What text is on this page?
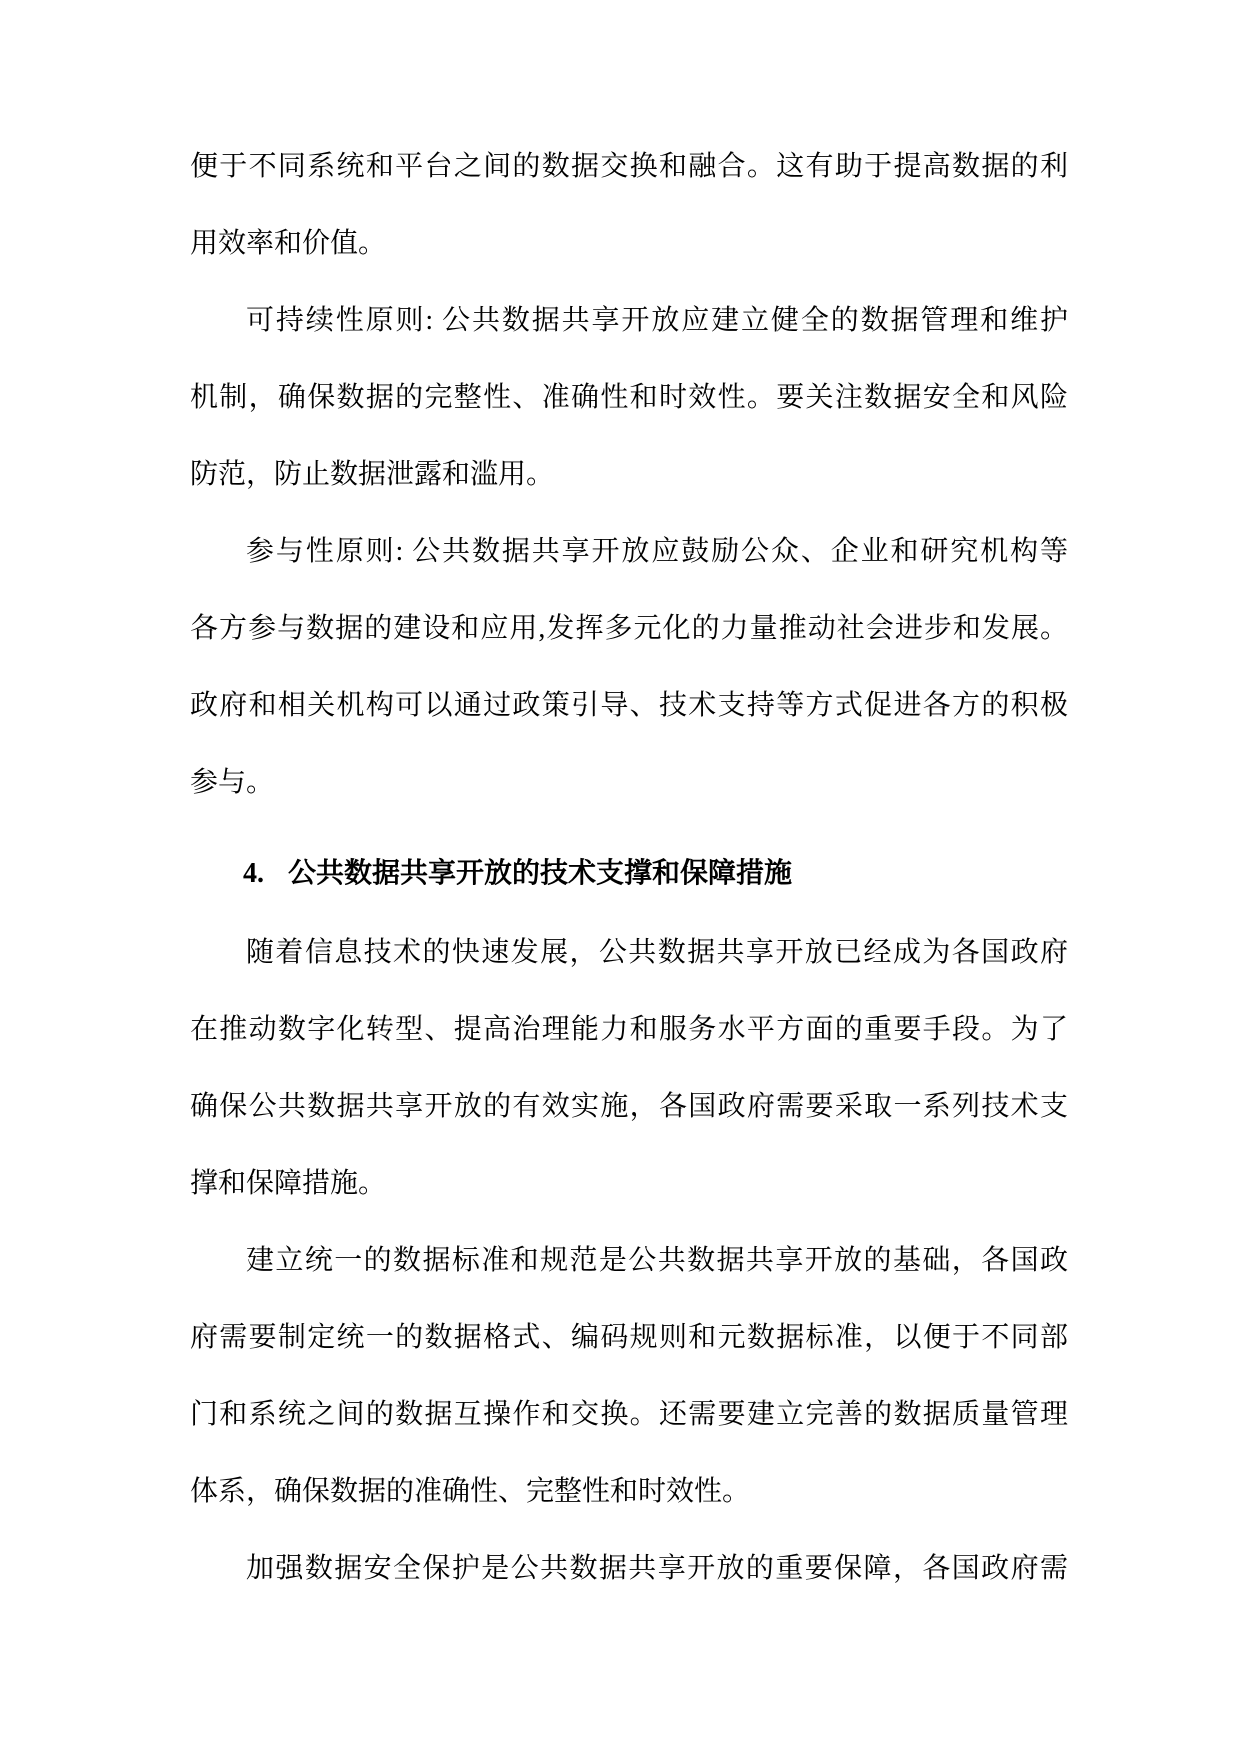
便于不同系统和平台之间的数据交换和融合。这有助于提高数据的利
用效率和价值。
可持续性原则: 公共数据共享开放应建立健全的数据管理和维护
机制，确保数据的完整性、准确性和时效性。要关注数据安全和风险
防范，防止数据泄露和滥用。
参与性原则: 公共数据共享开放应鼓励公众、企业和研究机构等
各方参与数据的建设和应用,发挥多元化的力量推动社会进步和发展。
政府和相关机构可以通过政策引导、技术支持等方式促进各方的积极
参与。
4. 公共数据共享开放的技术支撑和保障措施
随着信息技术的快速发展，公共数据共享开放已经成为各国政府
在推动数字化转型、提高治理能力和服务水平方面的重要手段。为了
确保公共数据共享开放的有效实施，各国政府需要采取一系列技术支
撑和保障措施。
建立统一的数据标准和规范是公共数据共享开放的基础，各国政
府需要制定统一的数据格式、编码规则和元数据标准，以便于不同部
门和系统之间的数据互操作和交换。还需要建立完善的数据质量管理
体系，确保数据的准确性、完整性和时效性。
加强数据安全保护是公共数据共享开放的重要保障，各国政府需
